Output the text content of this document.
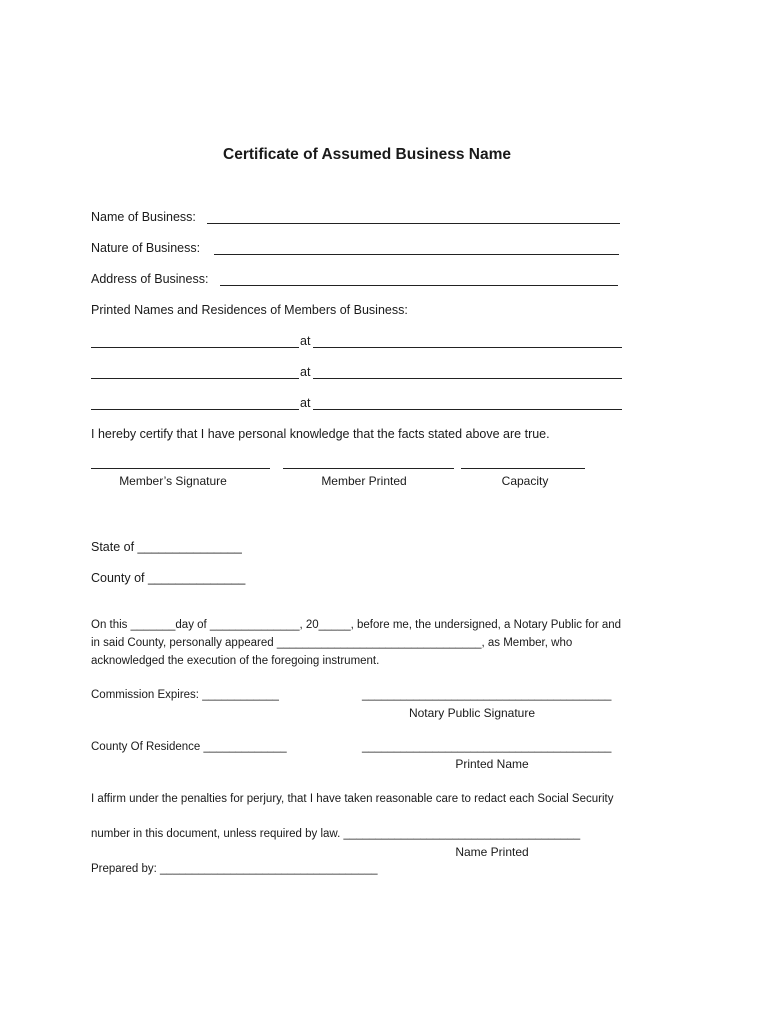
Certificate of Assumed Business Name
Name of Business:
Nature of Business:
Address of Business:
Printed Names and Residences of Members of Business:
at
at
at
I hereby certify that I have personal knowledge that the facts stated above are true.
Member’s Signature	Member Printed	Capacity
State of _______________
County of ______________
On this _______day of ______________, 20_____, before me, the undersigned, a Notary Public for and
in said County, personally appeared ________________________________, as Member, who
acknowledged the execution of the foregoing instrument.
Commission Expires: ____________	_______________________________________
Notary Public Signature
County Of Residence _____________	_______________________________________
Printed Name
I affirm under the penalties for perjury, that I have taken reasonable care to redact each Social Security
number in this document, unless required by law. _____________________________________
Name Printed
Prepared by: __________________________________
